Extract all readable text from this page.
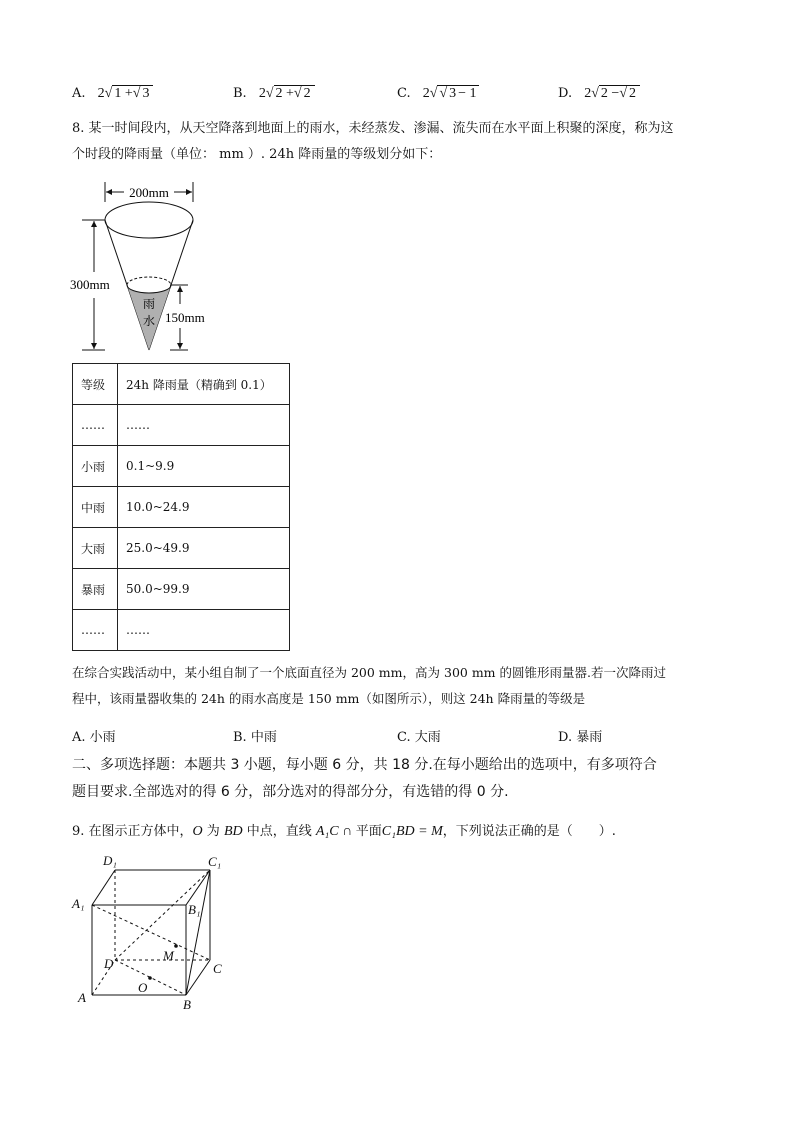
A. 2√ 1 +√ 3	B. 2√ 2 +√ 2	C. 2√ √ 3 − 1	D. 2√ 2 −√ 2
8. 某一时间段内，从天空降落到地面上的雨水，未经蒸发、渗漏、流失而在水平面上积聚的深度，称为这
个时段的降雨量（单位： mm ）. 24h 降雨量的等级划分如下：
200mm
雨
水
300mm
150mm
等级	24h 降雨量（精确到 0.1）
……	……
小雨	0.1~9.9
中雨	10.0~24.9
大雨	25.0~49.9
暴雨	50.0~99.9
……	……
在综合实践活动中，某小组自制了一个底面直径为 200 mm，高为 300 mm 的圆锥形雨量器.若一次降雨过
程中，该雨量器收集的 24h 的雨水高度是 150 mm（如图所示），则这 24h 降雨量的等级是
A. 小雨	B. 中雨	C. 大雨	D. 暴雨
二、多项选择题：本题共 3 小题，每小题 6 分，共 18 分.在每小题给出的选项中，有多项符合
题目要求.全部选对的得 6 分，部分选对的得部分分，有选错的得 0 分.
9. 在图示正方体中，O 为 BD 中点，直线 A₁C ∩ 平面C₁BD = M，下列说法正确的是（　　）.
D₁	C₁
A₁	B₁
D	C
A	B
M
O
